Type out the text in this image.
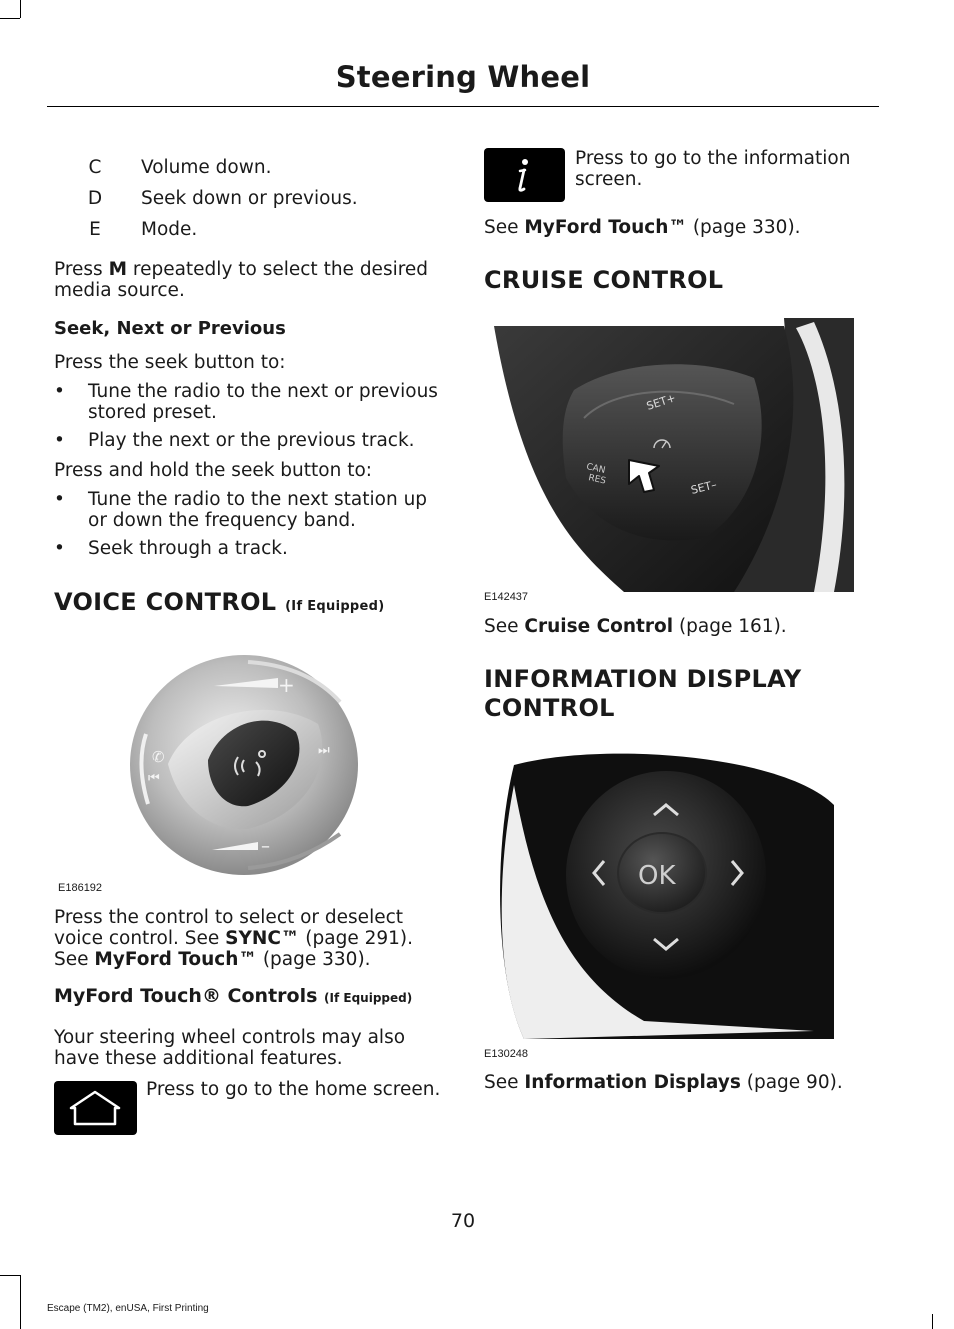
Steering Wheel
C	Volume down.
D	Seek down or previous.
E	Mode.

Press M repeatedly to select the desired media source.

Seek, Next or Previous

Press the seek button to:

• Tune the radio to the next or previous stored preset.
• Play the next or the previous track.

Press and hold the seek button to:

• Tune the radio to the next station up or down the frequency band.
• Seek through a track.
VOICE CONTROL (If Equipped)
+
–
⏮
✆	⏭
E186192
Press the control to select or deselect
voice control. See SYNC™ (page 291).
See MyFord Touch™ (page 330).
MyFord Touch® Controls (If Equipped)

Your steering wheel controls may also have these additional features.

Press to go to the home screen.

Press to go to the information screen.

See MyFord Touch™ (page 330).

CRUISE CONTROL
SET+
SET–
CAN
RES
E142437

See Cruise Control (page 161).

INFORMATION DISPLAY
CONTROL
OK
E130248

See Information Displays (page 90).

70
Escape (TM2), enUSA, First Printing
